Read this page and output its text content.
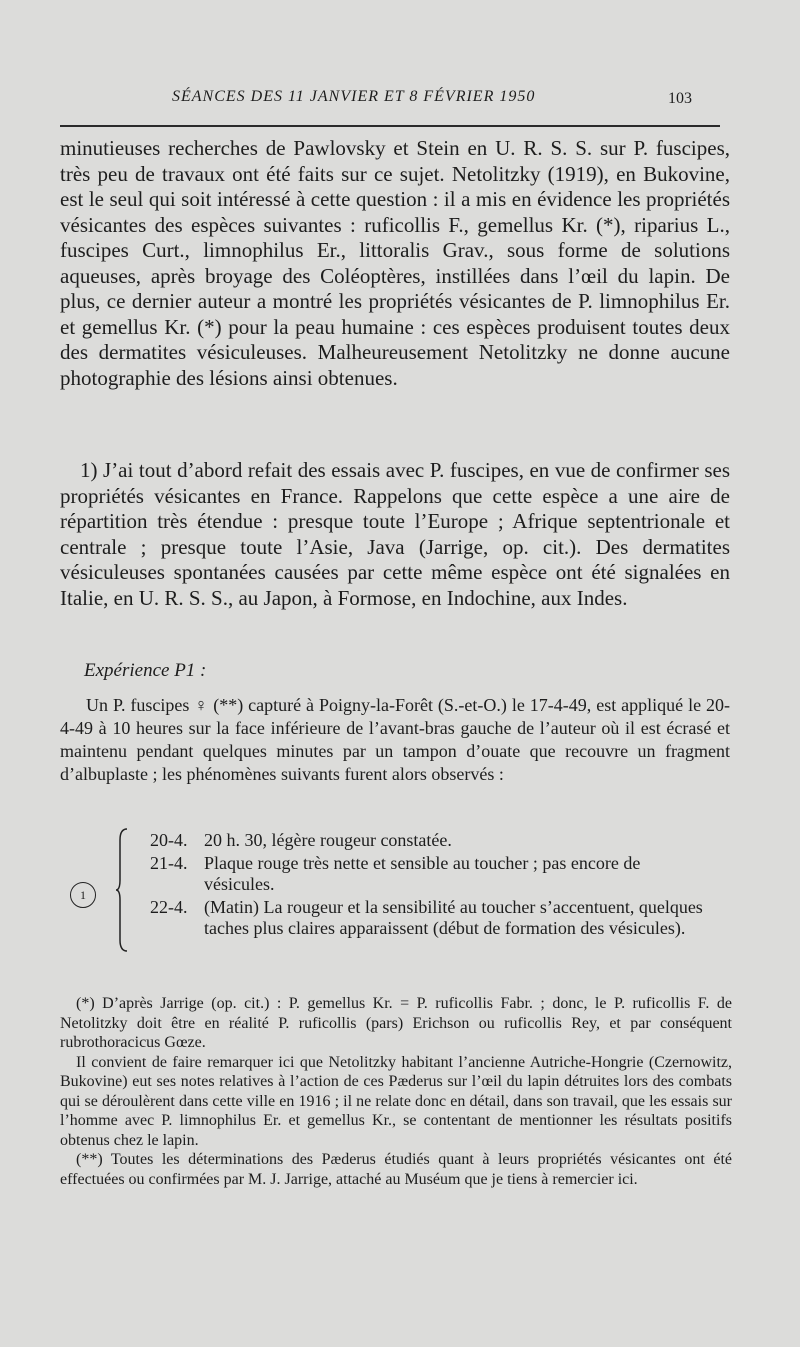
SÉANCES DES 11 JANVIER ET 8 FÉVRIER 1950	103

minutieuses recherches de Pawlovsky et Stein en U. R. S. S. sur P. fuscipes, très peu de travaux ont été faits sur ce sujet. Netolitzky (1919), en Bukovine, est le seul qui soit intéressé à cette question : il a mis en évidence les propriétés vésicantes des espèces suivantes : ruficollis F., gemellus Kr. (*), riparius L., fuscipes Curt., limnophilus Er., littoralis Grav., sous forme de solutions aqueuses, après broyage des Coléoptères, instillées dans l’œil du lapin. De plus, ce dernier auteur a montré les propriétés vésicantes de P. limnophilus Er. et gemellus Kr. (*) pour la peau humaine : ces espèces produisent toutes deux des dermatites vésiculeuses. Malheureusement Netolitzky ne donne aucune photographie des lésions ainsi obtenues.

1) J’ai tout d’abord refait des essais avec P. fuscipes, en vue de confirmer ses propriétés vésicantes en France. Rappelons que cette espèce a une aire de répartition très étendue : presque toute l’Europe ; Afrique septentrionale et centrale ; presque toute l’Asie, Java (Jarrige, op. cit.). Des dermatites vésiculeuses spontanées causées par cette même espèce ont été signalées en Italie, en U. R. S. S., au Japon, à Formose, en Indochine, aux Indes.

Expérience P1 :

Un P. fuscipes ♀ (**) capturé à Poigny-la-Forêt (S.-et-O.) le 17-4-49, est appliqué le 20-4-49 à 10 heures sur la face inférieure de l’avant-bras gauche de l’auteur où il est écrasé et maintenu pendant quelques minutes par un tampon d’ouate que recouvre un fragment d’albuplaste ; les phénomènes suivants furent alors observés :

1
20-4. 20 h. 30, légère rougeur constatée.
21-4. Plaque rouge très nette et sensible au toucher ; pas encore de vésicules.
22-4. (Matin) La rougeur et la sensibilité au toucher s’accentuent, quelques taches plus claires apparaissent (début de formation des vésicules).

(*) D’après Jarrige (op. cit.) : P. gemellus Kr. = P. ruficollis Fabr. ; donc, le P. ruficollis F. de Netolitzky doit être en réalité P. ruficollis (pars) Erichson ou ruficollis Rey, et par conséquent rubrothoracicus Gœze.

Il convient de faire remarquer ici que Netolitzky habitant l’ancienne Autriche-Hongrie (Czernowitz, Bukovine) eut ses notes relatives à l’action de ces Pæderus sur l’œil du lapin détruites lors des combats qui se déroulèrent dans cette ville en 1916 ; il ne relate donc en détail, dans son travail, que les essais sur l’homme avec P. limnophilus Er. et gemellus Kr., se contentant de mentionner les résultats positifs obtenus chez le lapin.

(**) Toutes les déterminations des Pæderus étudiés quant à leurs propriétés vésicantes ont été effectuées ou confirmées par M. J. Jarrige, attaché au Muséum que je tiens à remercier ici.
